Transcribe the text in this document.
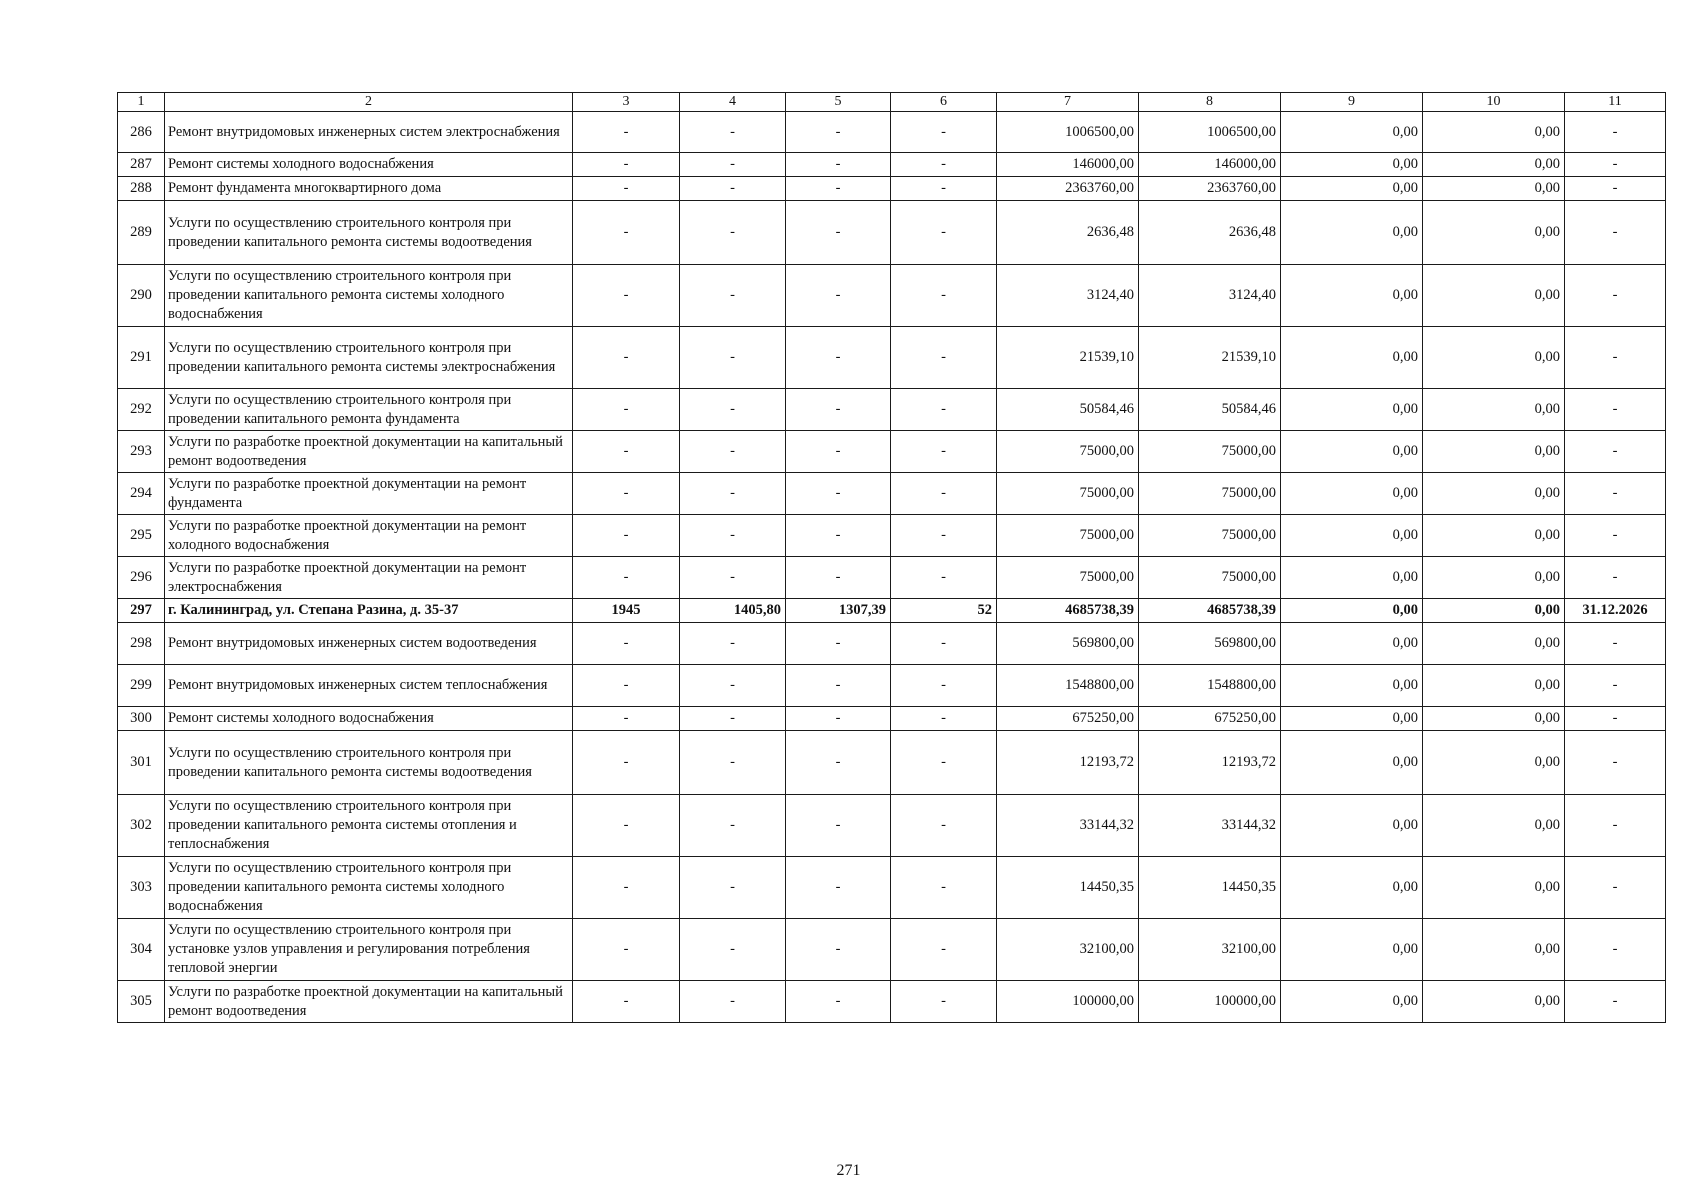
1	2	3	4	5	6	7	8	9	10	11
286	Ремонт внутридомовых инженерных систем электроснабжения	-	-	-	-	1006500,00	1006500,00	0,00	0,00	-
287	Ремонт системы холодного водоснабжения	-	-	-	-	146000,00	146000,00	0,00	0,00	-
288	Ремонт фундамента многоквартирного дома	-	-	-	-	2363760,00	2363760,00	0,00	0,00	-
289	Услуги по осуществлению строительного контроля при проведении капитального ремонта системы водоотведения	-	-	-	-	2636,48	2636,48	0,00	0,00	-
290	Услуги по осуществлению строительного контроля при проведении капитального ремонта системы холодного водоснабжения	-	-	-	-	3124,40	3124,40	0,00	0,00	-
291	Услуги по осуществлению строительного контроля при проведении капитального ремонта системы электроснабжения	-	-	-	-	21539,10	21539,10	0,00	0,00	-
292	Услуги по осуществлению строительного контроля при проведении капитального ремонта фундамента	-	-	-	-	50584,46	50584,46	0,00	0,00	-
293	Услуги по разработке проектной документации на капитальный ремонт водоотведения	-	-	-	-	75000,00	75000,00	0,00	0,00	-
294	Услуги по разработке проектной документации на ремонт фундамента	-	-	-	-	75000,00	75000,00	0,00	0,00	-
295	Услуги по разработке проектной документации на ремонт холодного водоснабжения	-	-	-	-	75000,00	75000,00	0,00	0,00	-
296	Услуги по разработке проектной документации на ремонт электроснабжения	-	-	-	-	75000,00	75000,00	0,00	0,00	-
297	г. Калининград, ул. Степана Разина, д. 35-37	1945	1405,80	1307,39	52	4685738,39	4685738,39	0,00	0,00	31.12.2026
298	Ремонт внутридомовых инженерных систем водоотведения	-	-	-	-	569800,00	569800,00	0,00	0,00	-
299	Ремонт внутридомовых инженерных систем теплоснабжения	-	-	-	-	1548800,00	1548800,00	0,00	0,00	-
300	Ремонт системы холодного водоснабжения	-	-	-	-	675250,00	675250,00	0,00	0,00	-
301	Услуги по осуществлению строительного контроля при проведении капитального ремонта системы водоотведения	-	-	-	-	12193,72	12193,72	0,00	0,00	-
302	Услуги по осуществлению строительного контроля при проведении капитального ремонта системы отопления и теплоснабжения	-	-	-	-	33144,32	33144,32	0,00	0,00	-
303	Услуги по осуществлению строительного контроля при проведении капитального ремонта системы холодного водоснабжения	-	-	-	-	14450,35	14450,35	0,00	0,00	-
304	Услуги по осуществлению строительного контроля при установке узлов управления и регулирования потребления тепловой энергии	-	-	-	-	32100,00	32100,00	0,00	0,00	-
305	Услуги по разработке проектной документации на капитальный ремонт водоотведения	-	-	-	-	100000,00	100000,00	0,00	0,00	-
271
